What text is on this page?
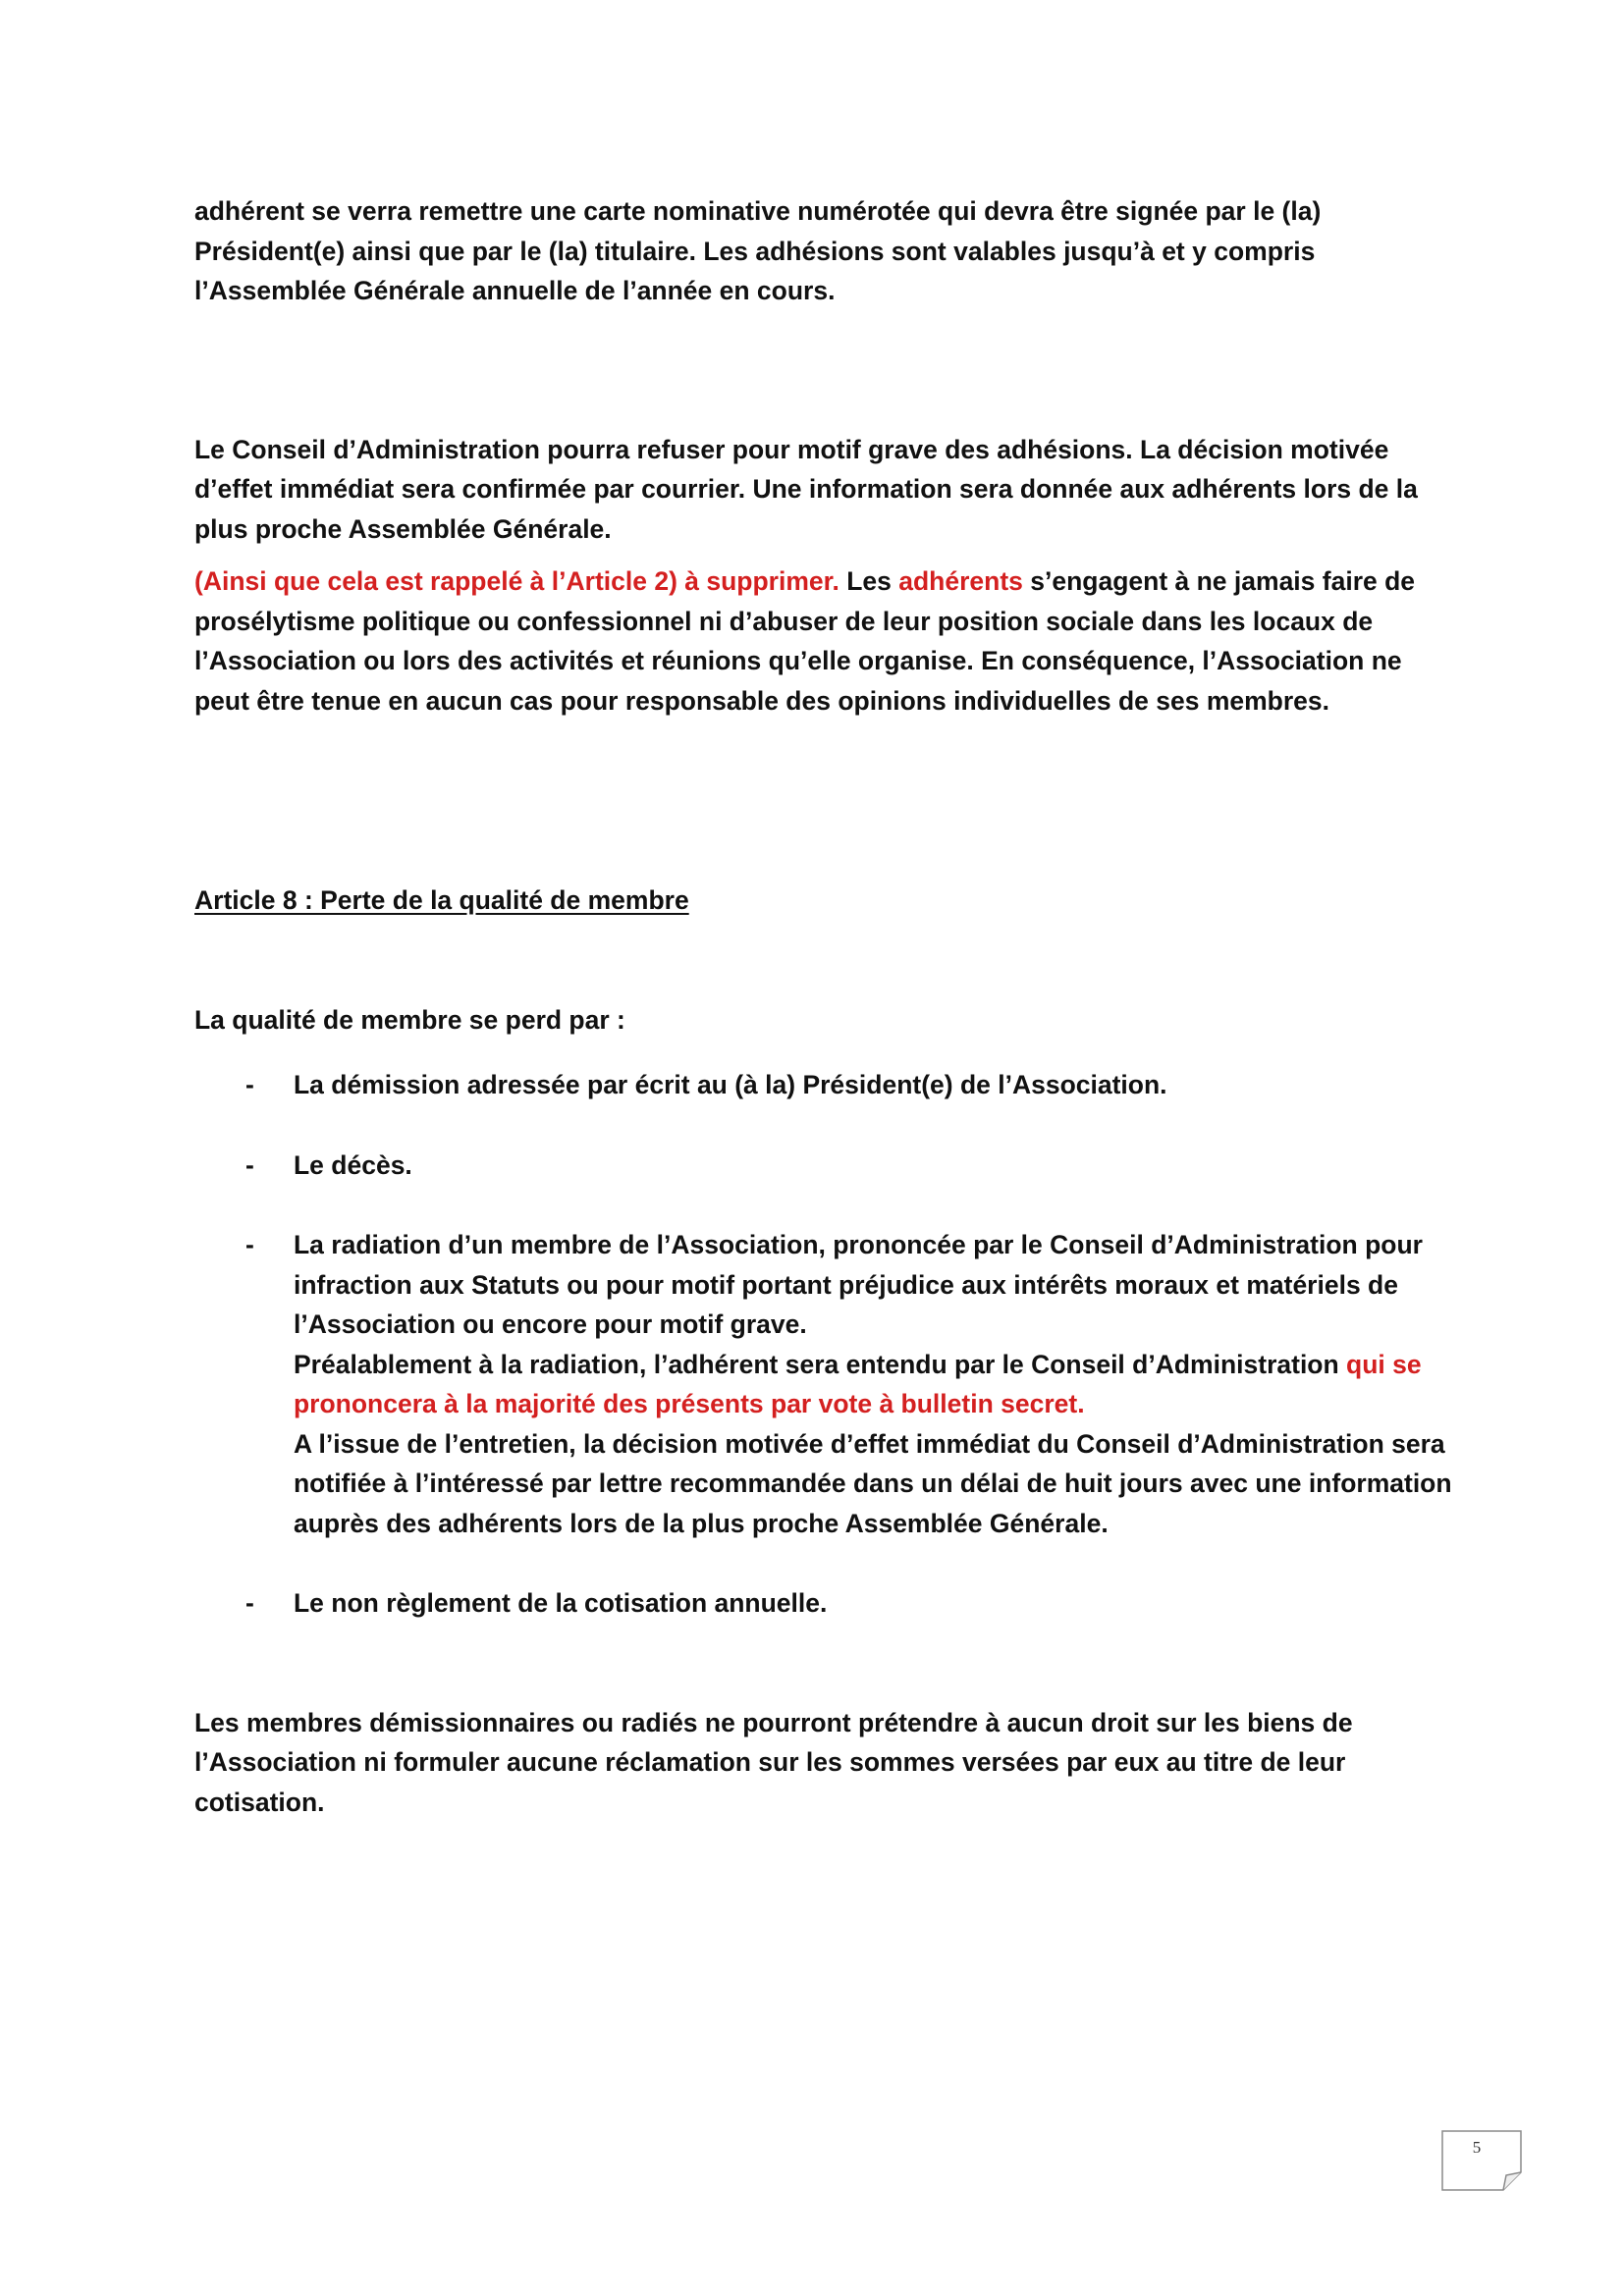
adhérent se verra remettre une carte nominative numérotée qui devra être signée par le (la) Président(e) ainsi que par le (la) titulaire. Les adhésions sont valables jusqu’à et y compris l’Assemblée Générale annuelle de l’année en cours.

Le Conseil d’Administration pourra refuser pour motif grave des adhésions. La décision motivée d’effet immédiat sera confirmée par courrier. Une information sera donnée aux adhérents lors de la plus proche Assemblée Générale.

(Ainsi que cela est rappelé à l’Article 2) à supprimer. Les adhérents s’engagent à ne jamais faire de prosélytisme politique ou confessionnel ni d’abuser de leur position sociale dans les locaux de l’Association ou lors des activités et réunions qu’elle organise. En conséquence, l’Association ne peut être tenue en aucun cas pour responsable des opinions individuelles de ses membres.

Article 8 : Perte de la qualité de membre

La qualité de membre se perd par :

- La démission adressée par écrit au (à la) Président(e) de l’Association.
- Le décès.
- La radiation d’un membre de l’Association, prononcée par le Conseil d’Administration pour infraction aux Statuts ou pour motif portant préjudice aux intérêts moraux et matériels de l’Association ou encore pour motif grave.
Préalablement à la radiation, l’adhérent sera entendu par le Conseil d’Administration qui se prononcera à la majorité des présents par vote à bulletin secret.
A l’issue de l’entretien, la décision motivée d’effet immédiat du Conseil d’Administration sera notifiée à l’intéressé par lettre recommandée dans un délai de huit jours avec une information auprès des adhérents lors de la plus proche Assemblée Générale.
- Le non règlement de la cotisation annuelle.

Les membres démissionnaires ou radiés ne pourront prétendre à aucun droit sur les biens de l’Association ni formuler aucune réclamation sur les sommes versées par eux au titre de leur cotisation.

5
